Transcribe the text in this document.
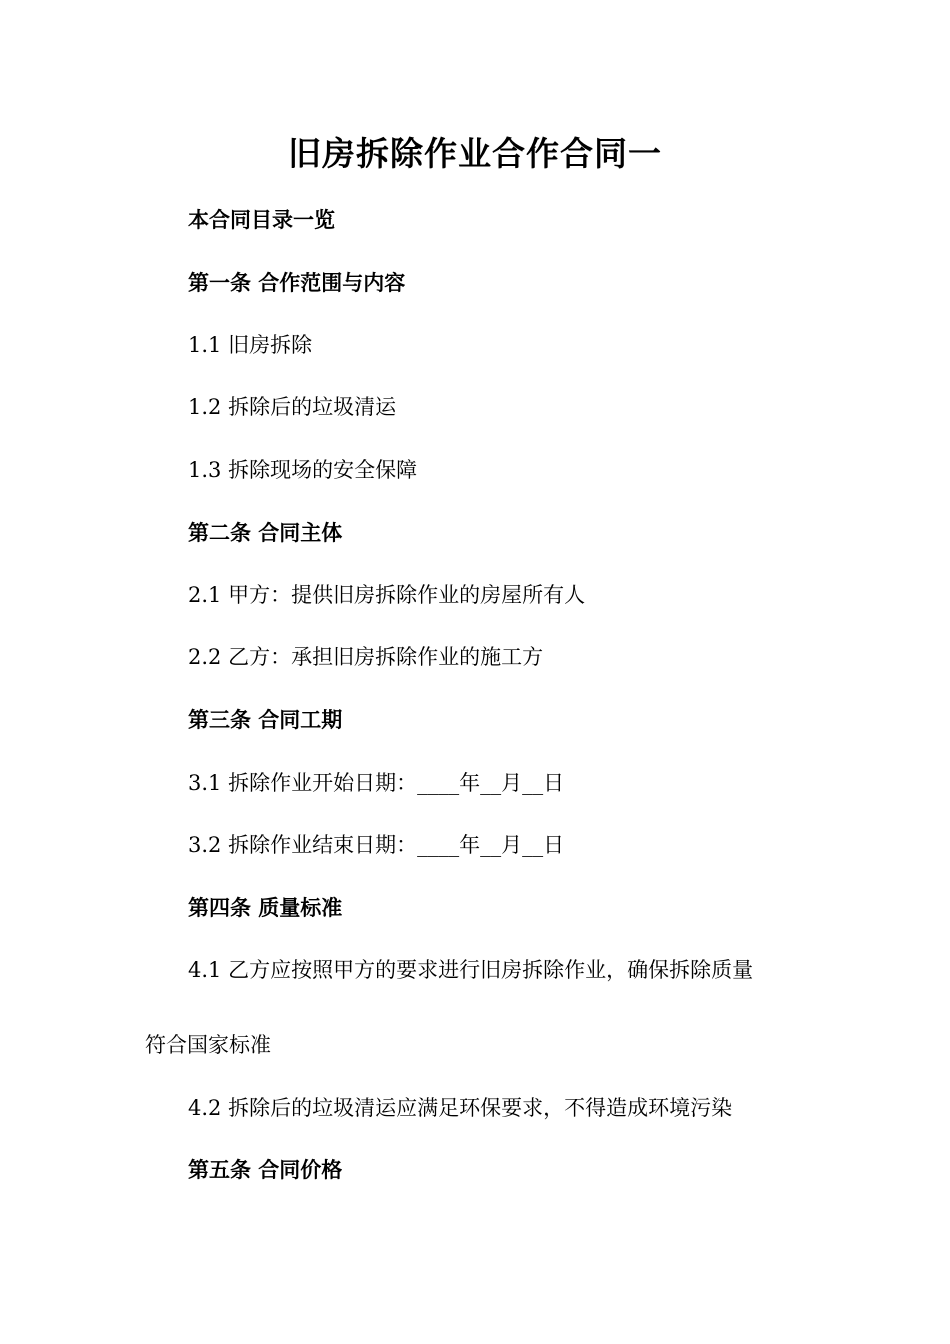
旧房拆除作业合作合同一
本合同目录一览
第一条 合作范围与内容
1.1 旧房拆除
1.2 拆除后的垃圾清运
1.3 拆除现场的安全保障
第二条 合同主体
2.1 甲方：提供旧房拆除作业的房屋所有人
2.2 乙方：承担旧房拆除作业的施工方
第三条 合同工期
3.1 拆除作业开始日期：____年__月__日
3.2 拆除作业结束日期：____年__月__日
第四条 质量标准
4.1 乙方应按照甲方的要求进行旧房拆除作业，确保拆除质量
符合国家标准
4.2 拆除后的垃圾清运应满足环保要求，不得造成环境污染
第五条 合同价格
